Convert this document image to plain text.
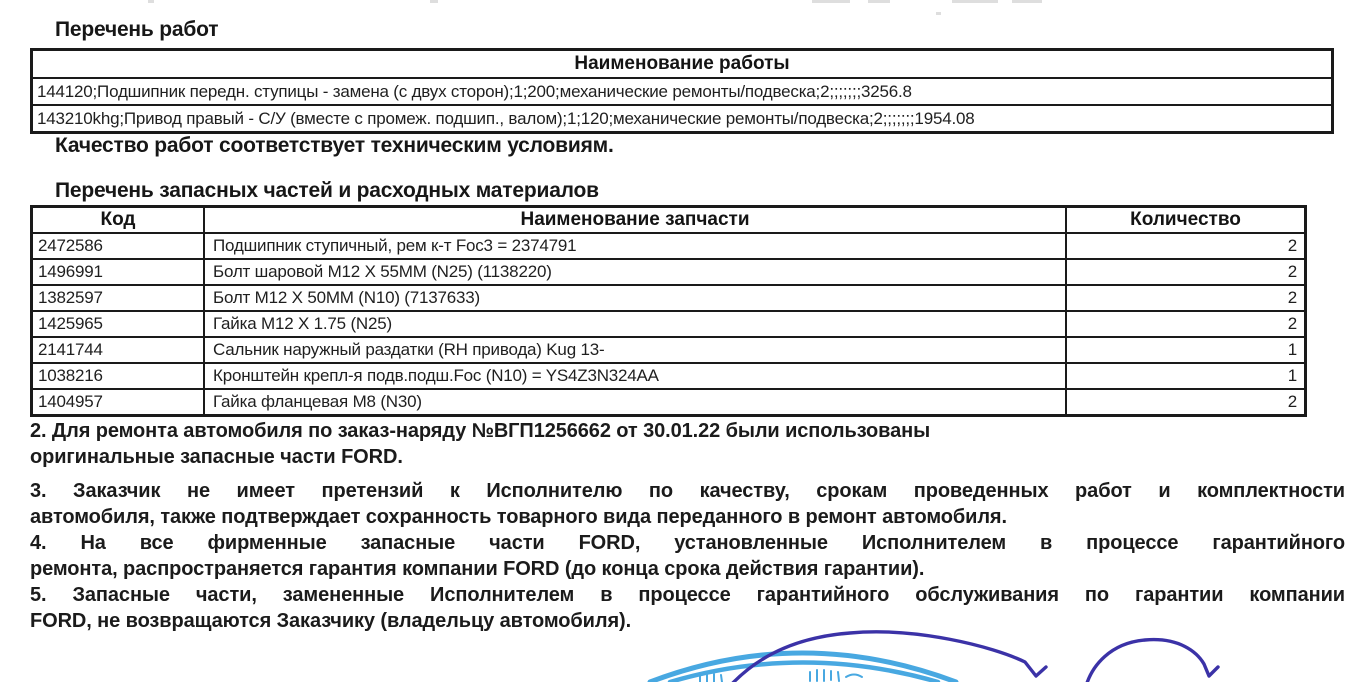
Перечень работ
Наименование работы
144120;Подшипник передн. ступицы - замена (с двух сторон);1;200;механические ремонты/подвеска;2;;;;;;;3256.8
143210khg;Привод правый - С/У (вместе с промеж. подшип., валом);1;120;механические ремонты/подвеска;2;;;;;;;1954.08
Качество работ соответствует техническим условиям.
Перечень запасных частей и расходных материалов
Код	Наименование запчасти	Количество
2472586	Подшипник ступичный, рем к-т Foc3 = 2374791	2
1496991	Болт шаровой М12 X 55ММ (N25) (1138220)	2
1382597	Болт М12 X 50ММ (N10) (7137633)	2
1425965	Гайка М12 X 1.75 (N25)	2
2141744	Сальник наружный раздатки (RH привода) Kug 13-	1
1038216	Кронштейн крепл-я подв.подш.Foc (N10) = YS4Z3N324AA	1
1404957	Гайка фланцевая М8 (N30)	2
2. Для ремонта автомобиля по заказ-наряду №ВГП1256662 от 30.01.22 были использованы
оригинальные запасные части FORD.
3. Заказчик не имеет претензий к Исполнителю по качеству, срокам проведенных работ и комплектности
автомобиля, также подтверждает сохранность товарного вида переданного в ремонт автомобиля.
4. На все фирменные запасные части FORD, установленные Исполнителем в процессе гарантийного
ремонта, распространяется гарантия компании FORD (до конца срока действия гарантии).
5. Запасные части, замененные Исполнителем в процессе гарантийного обслуживания по гарантии компании
FORD, не возвращаются Заказчику (владельцу автомобиля).
